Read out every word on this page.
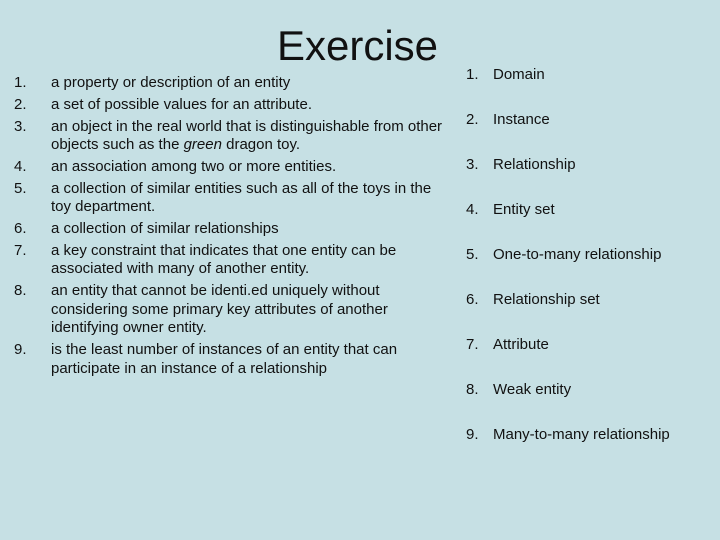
Exercise
1.	a property or description of an entity
2.	a set of possible values for an attribute.
3.	an object in the real world that is distinguishable from other objects such as the green dragon toy.
4.	an association among two or more entities.
5.	a collection of similar entities such as all of the toys in the toy department.
6.	a collection of similar relationships
7.	a key constraint that indicates that one entity can be associated with many of another entity.
8.	an entity that cannot be identi.ed uniquely without considering some primary key attributes of another identifying owner entity.
9.	is the least number of instances of an entity that can participate in an instance of a relationship
1. Domain
2. Instance
3. Relationship
4. Entity set
5. One-to-many relationship
6. Relationship set
7. Attribute
8. Weak entity
9. Many-to-many relationship
